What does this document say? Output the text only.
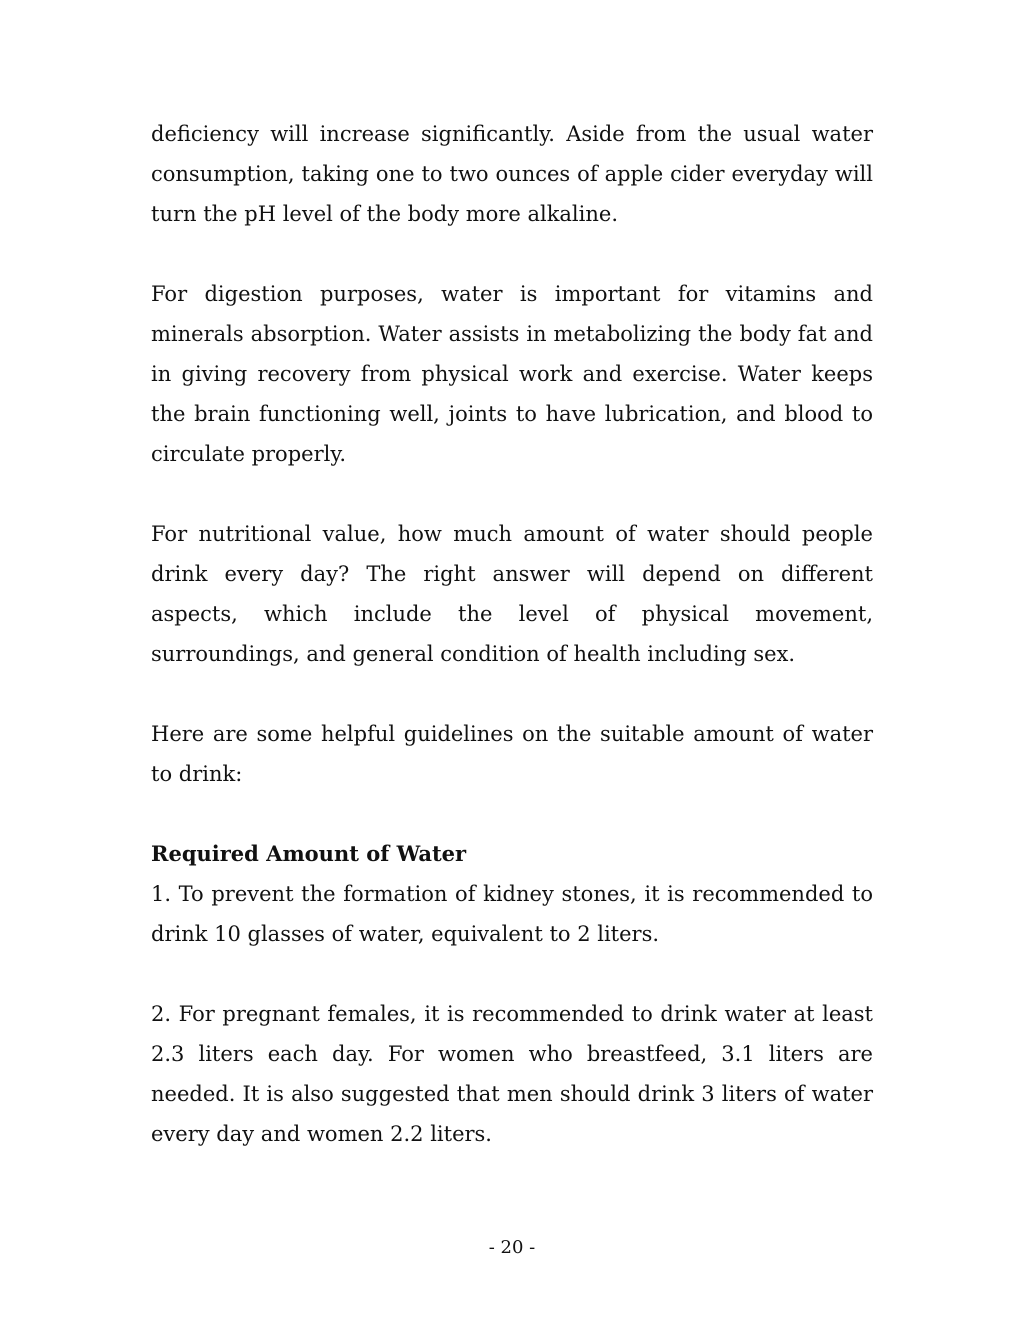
deficiency will increase significantly. Aside from the usual water consumption, taking one to two ounces of apple cider everyday will turn the pH level of the body more alkaline.

For digestion purposes, water is important for vitamins and minerals absorption. Water assists in metabolizing the body fat and in giving recovery from physical work and exercise. Water keeps the brain functioning well, joints to have lubrication, and blood to circulate properly.

For nutritional value, how much amount of water should people drink every day? The right answer will depend on different aspects, which include the level of physical movement, surroundings, and general condition of health including sex.

Here are some helpful guidelines on the suitable amount of water to drink:

Required Amount of Water

1. To prevent the formation of kidney stones, it is recommended to drink 10 glasses of water, equivalent to 2 liters.

2. For pregnant females, it is recommended to drink water at least 2.3 liters each day. For women who breastfeed, 3.1 liters are needed. It is also suggested that men should drink 3 liters of water every day and women 2.2 liters.

- 20 -
